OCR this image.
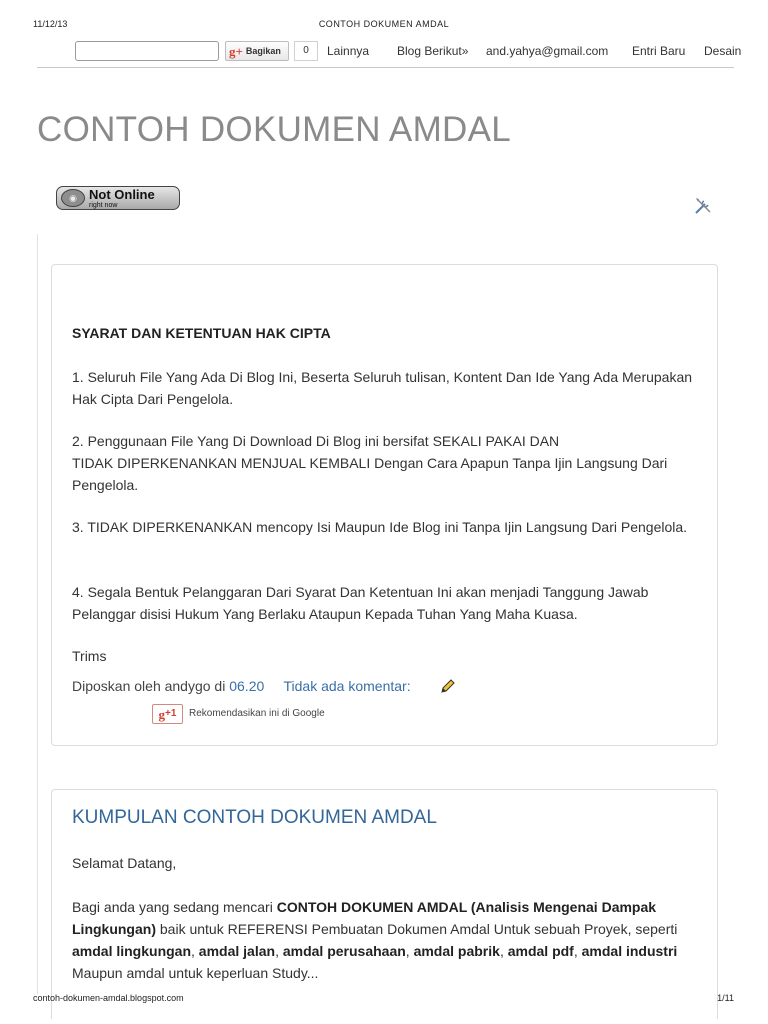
11/12/13	CONTOH DOKUMEN AMDAL
g+ Bagikan	0	Lainnya Blog Berikut» and.yahya@gmail.com Entri Baru Desain
CONTOH DOKUMEN AMDAL
◉ Not Online
right now
SYARAT DAN KETENTUAN HAK CIPTA

1. Seluruh File Yang Ada Di Blog Ini, Beserta Seluruh tulisan, Kontent Dan Ide Yang Ada Merupakan Hak Cipta Dari Pengelola.

2. Penggunaan File Yang Di Download Di Blog ini bersifat SEKALI PAKAI DAN
TIDAK DIPERKENANKAN MENJUAL KEMBALI Dengan Cara Apapun Tanpa Ijin Langsung Dari Pengelola.

3. TIDAK DIPERKENANKAN mencopy Isi Maupun Ide Blog ini Tanpa Ijin Langsung Dari Pengelola.

4. Segala Bentuk Pelanggaran Dari Syarat Dan Ketentuan Ini akan menjadi Tanggung Jawab Pelanggar disisi Hukum Yang Berlaku Ataupun Kepada Tuhan Yang Maha Kuasa.

Trims

Diposkan oleh andygo di 06.20 Tidak ada komentar:
g +1 Rekomendasikan ini di Google
KUMPULAN CONTOH DOKUMEN AMDAL

Selamat Datang,

Bagi anda yang sedang mencari CONTOH DOKUMEN AMDAL (Analisis Mengenai Dampak Lingkungan) baik untuk REFERENSI Pembuatan Dokumen Amdal Untuk sebuah Proyek, seperti amdal lingkungan, amdal jalan, amdal perusahaan, amdal pabrik, amdal pdf, amdal industri Maupun amdal untuk keperluan Study...

contoh-dokumen-amdal.blogspot.com	1/11
